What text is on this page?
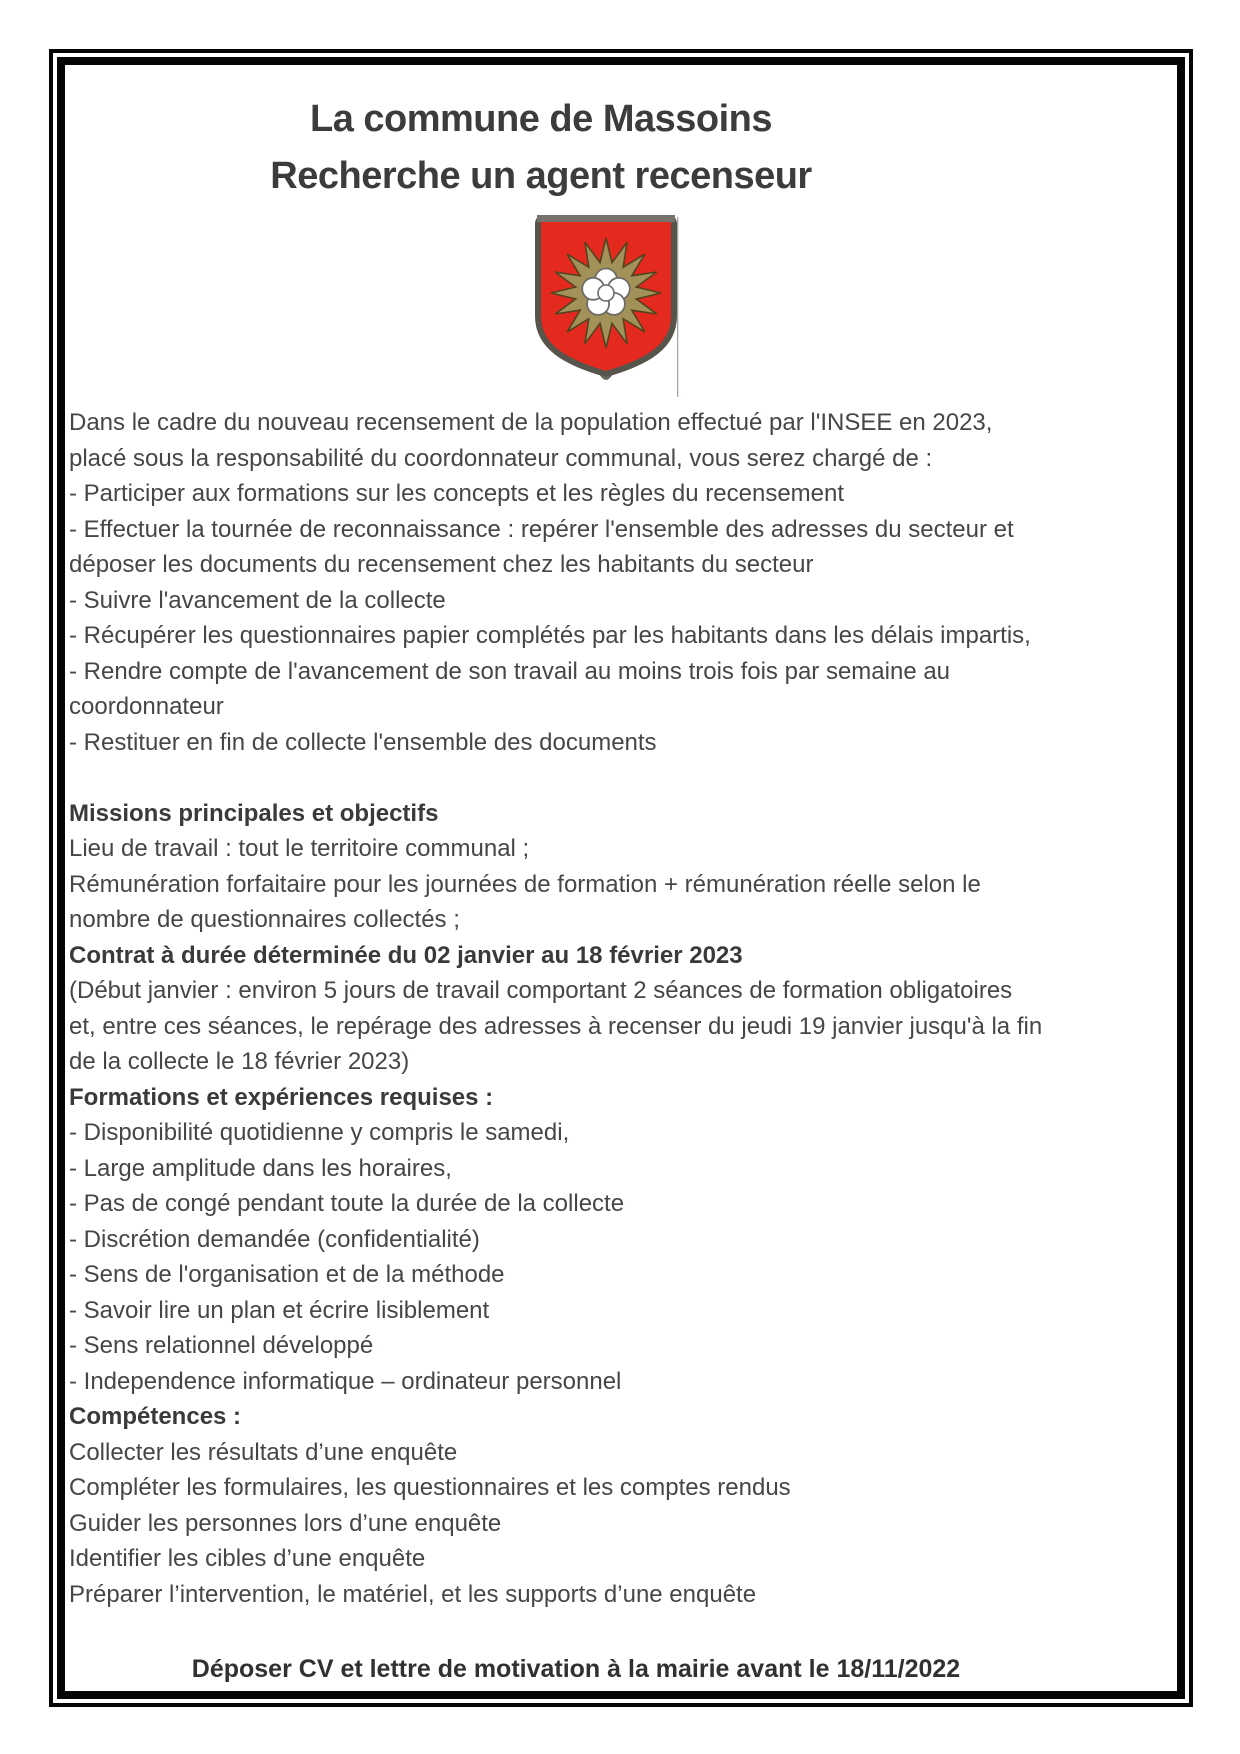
La commune de Massoins
Recherche un agent recenseur

Dans le cadre du nouveau recensement de la population effectué par l'INSEE en 2023,

placé sous la responsabilité du coordonnateur communal, vous serez chargé de :

- Participer aux formations sur les concepts et les règles du recensement

- Effectuer la tournée de reconnaissance : repérer l'ensemble des adresses du secteur et

déposer les documents du recensement chez les habitants du secteur

- Suivre l'avancement de la collecte

- Récupérer les questionnaires papier complétés par les habitants dans les délais impartis,

- Rendre compte de l'avancement de son travail au moins trois fois par semaine au

coordonnateur

- Restituer en fin de collecte l'ensemble des documents

Missions principales et objectifs

Lieu de travail : tout le territoire communal ;

Rémunération forfaitaire pour les journées de formation + rémunération réelle selon le

nombre de questionnaires collectés ;

Contrat à durée déterminée du 02 janvier au 18 février 2023

(Début janvier : environ 5 jours de travail comportant 2 séances de formation obligatoires

et, entre ces séances, le repérage des adresses à recenser du jeudi 19 janvier jusqu'à la fin

de la collecte le 18 février 2023)

Formations et expériences requises :

- Disponibilité quotidienne y compris le samedi,

- Large amplitude dans les horaires,

- Pas de congé pendant toute la durée de la collecte

- Discrétion demandée (confidentialité)

- Sens de l'organisation et de la méthode

- Savoir lire un plan et écrire lisiblement

- Sens relationnel développé

- Independence informatique – ordinateur personnel

Compétences :

Collecter les résultats d’une enquête

Compléter les formulaires, les questionnaires et les comptes rendus

Guider les personnes lors d’une enquête

Identifier les cibles d’une enquête

Préparer l’intervention, le matériel, et les supports d’une enquête

Déposer CV et lettre de motivation à la mairie avant le 18/11/2022
